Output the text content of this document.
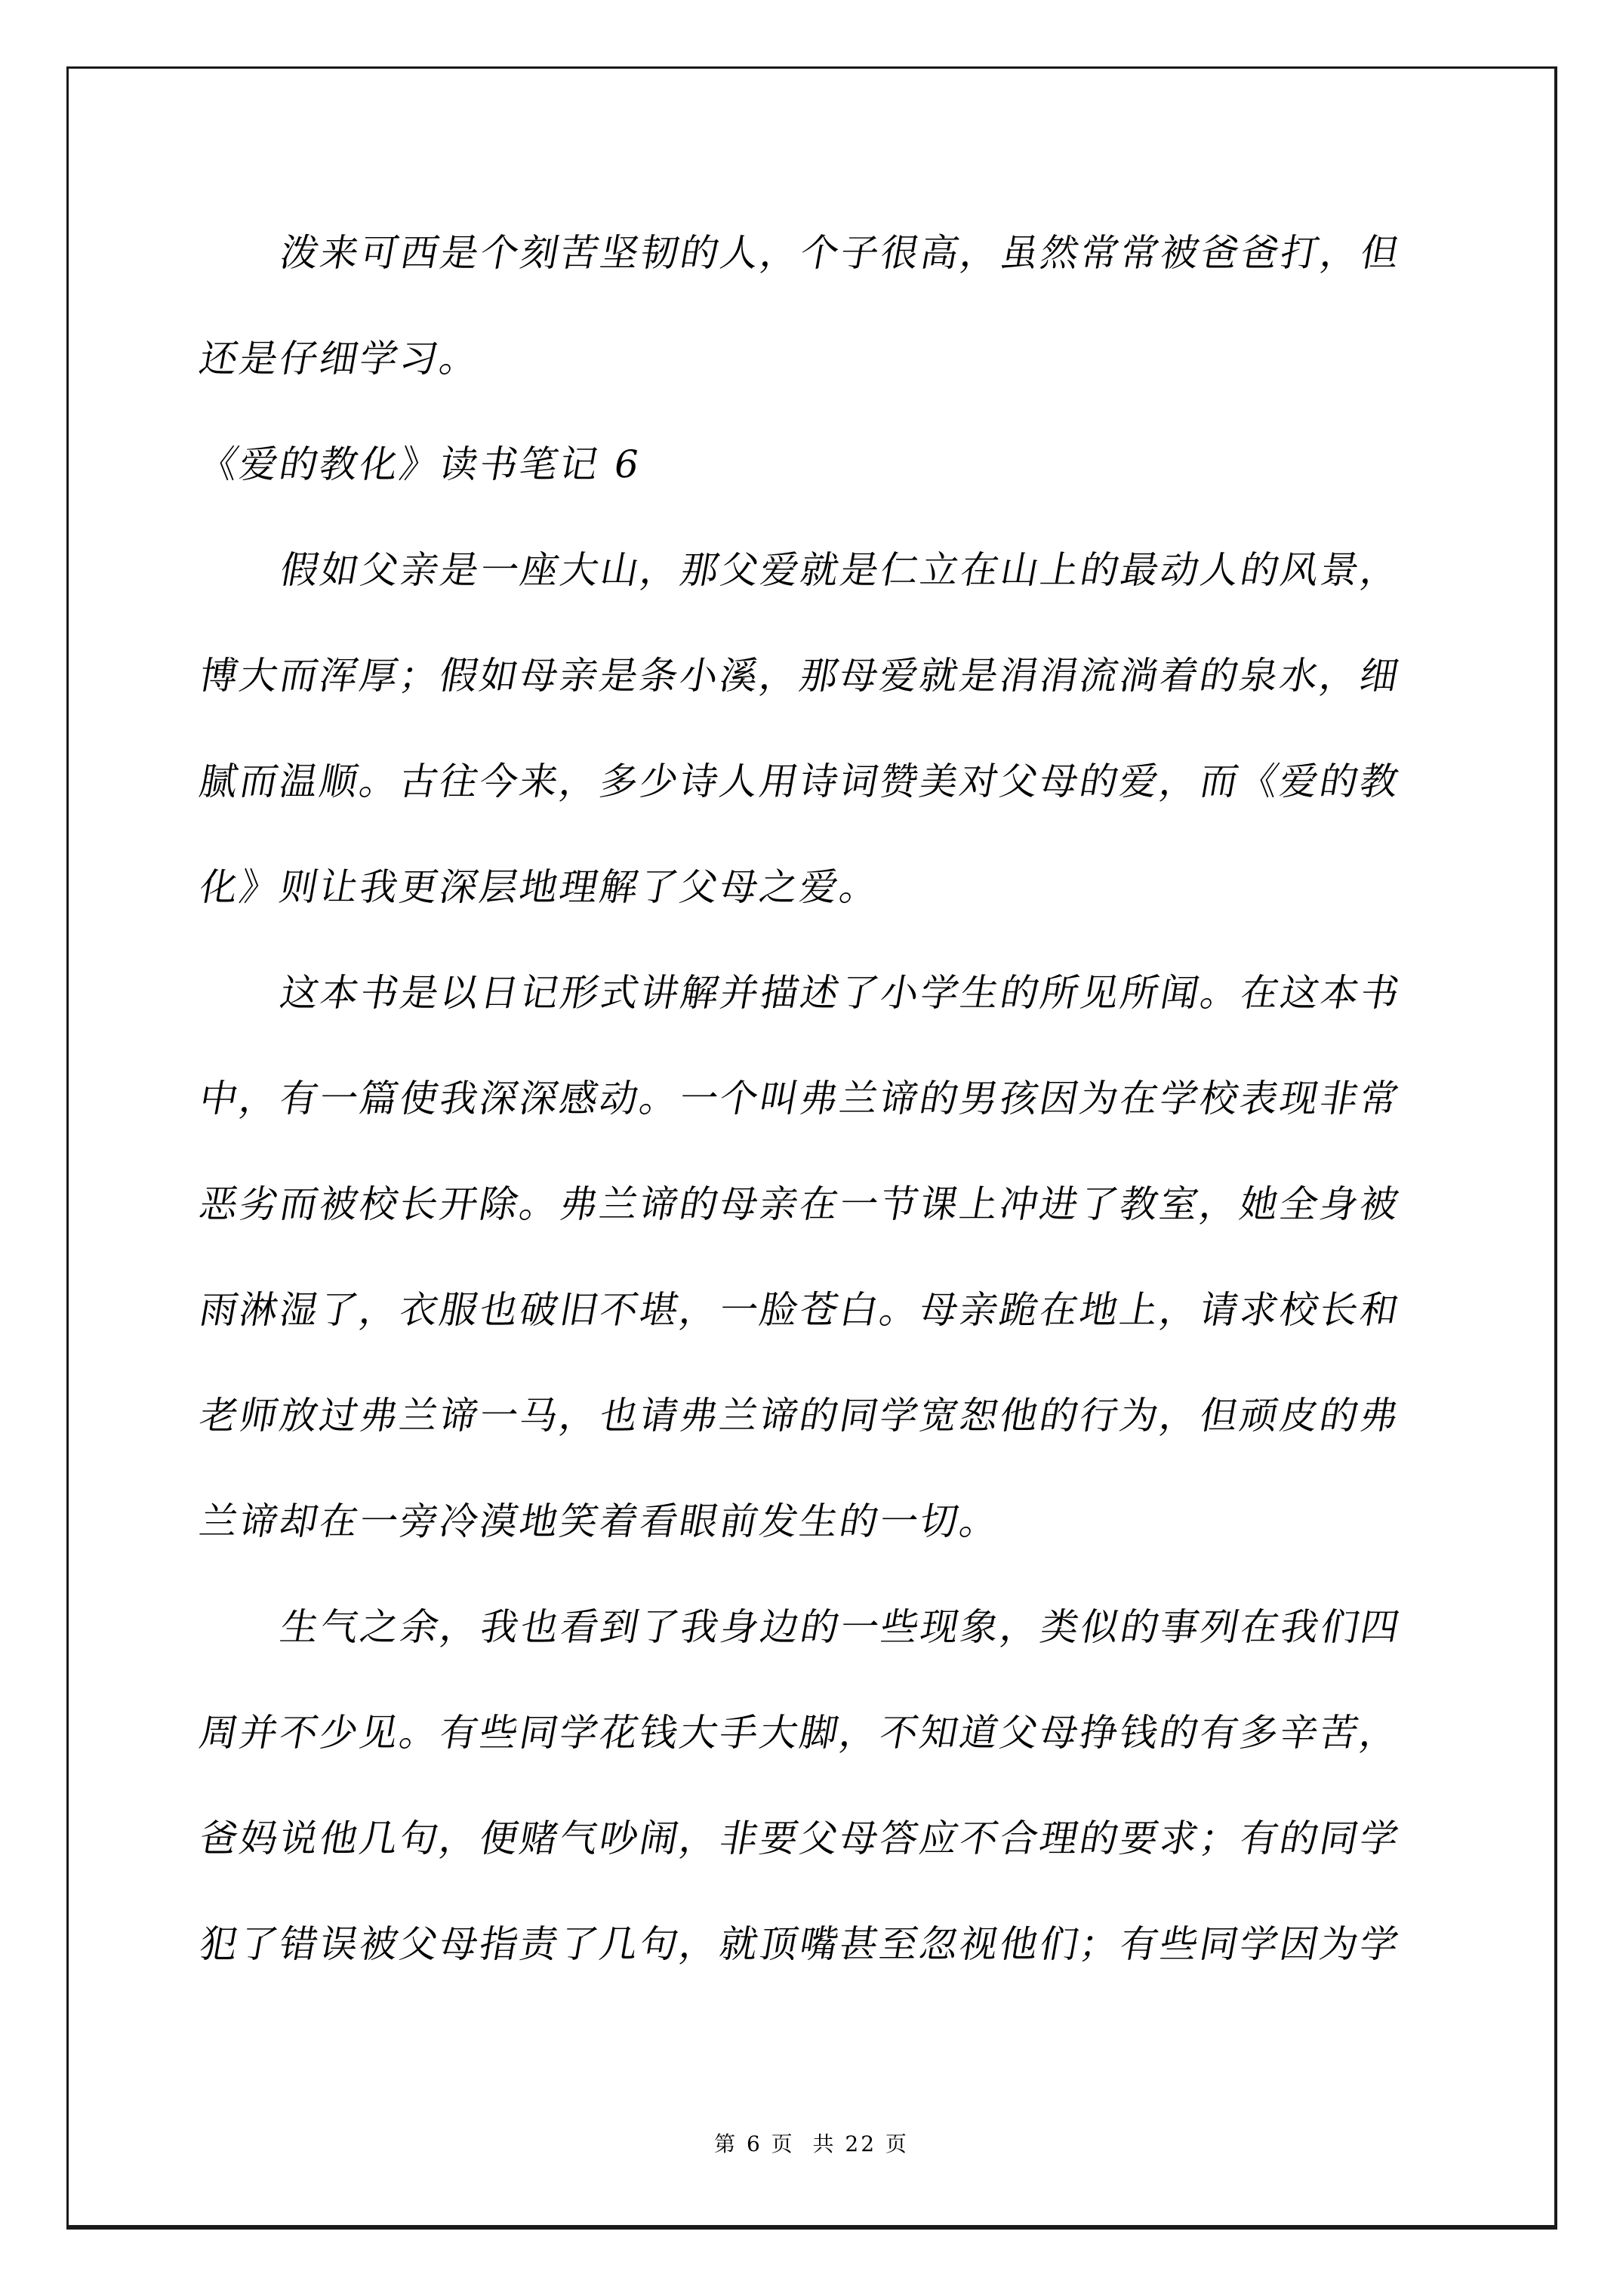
泼来可西是个刻苦坚韧的人，个子很高，虽然常常被爸爸打，但
还是仔细学习。
《爱的教化》读书笔记 6
假如父亲是一座大山，那父爱就是仁立在山上的最动人的风景，
博大而浑厚；假如母亲是条小溪，那母爱就是涓涓流淌着的泉水，细
腻而温顺。古往今来，多少诗人用诗词赞美对父母的爱，而《爱的教
化》则让我更深层地理解了父母之爱。
这本书是以日记形式讲解并描述了小学生的所见所闻。在这本书
中，有一篇使我深深感动。一个叫弗兰谛的男孩因为在学校表现非常
恶劣而被校长开除。弗兰谛的母亲在一节课上冲进了教室，她全身被
雨淋湿了，衣服也破旧不堪，一脸苍白。母亲跪在地上，请求校长和
老师放过弗兰谛一马，也请弗兰谛的同学宽恕他的行为，但顽皮的弗
兰谛却在一旁冷漠地笑着看眼前发生的一切。
生气之余，我也看到了我身边的一些现象，类似的事列在我们四
周并不少见。有些同学花钱大手大脚，不知道父母挣钱的有多辛苦，
爸妈说他几句，便赌气吵闹，非要父母答应不合理的要求；有的同学
犯了错误被父母指责了几句，就顶嘴甚至忽视他们；有些同学因为学
第 6 页  共 22 页
